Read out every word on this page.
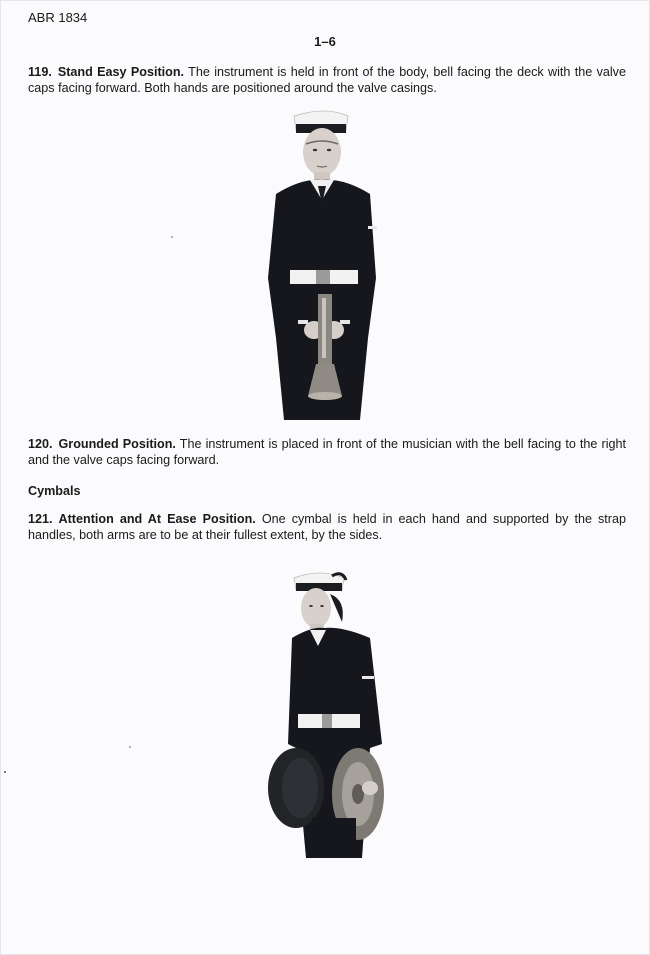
ABR 1834
1–6
119. Stand Easy Position. The instrument is held in front of the body, bell facing the deck with the valve caps facing forward. Both hands are positioned around the valve casings.
120. Grounded Position. The instrument is placed in front of the musician with the bell facing to the right and the valve caps facing forward.
Cymbals
121. Attention and At Ease Position. One cymbal is held in each hand and supported by the strap handles, both arms are to be at their fullest extent, by the sides.
